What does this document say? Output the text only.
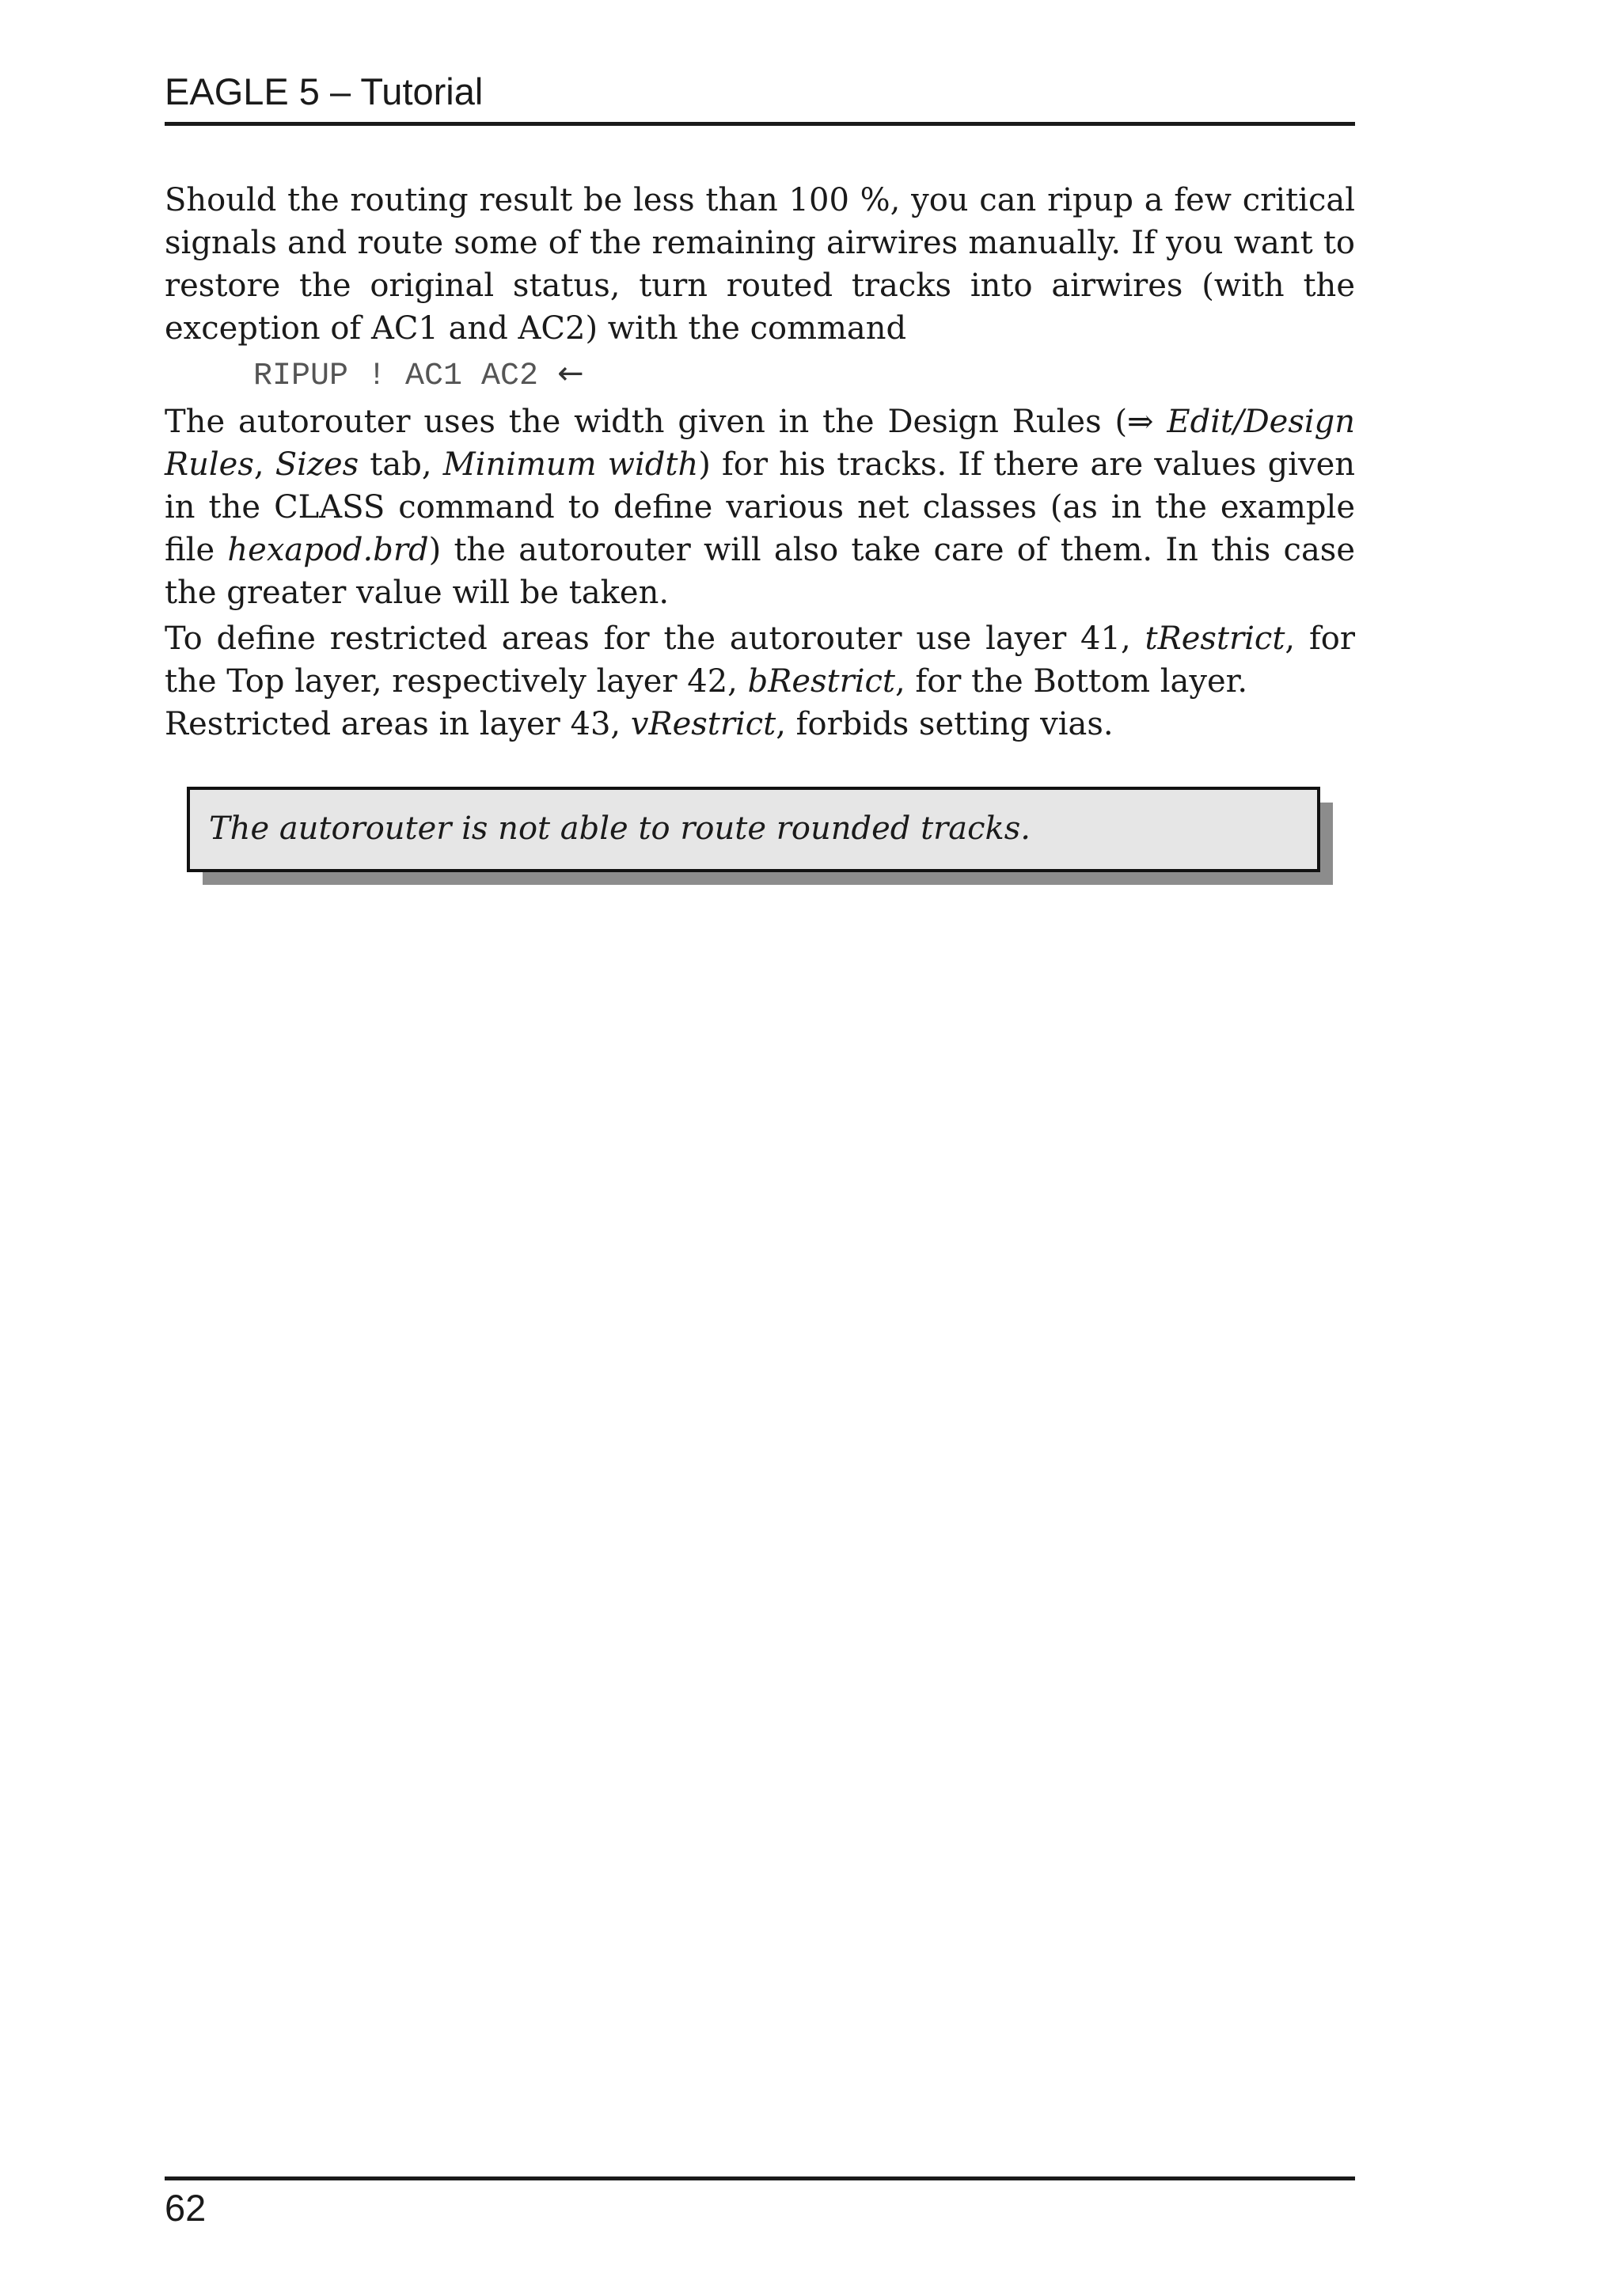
EAGLE 5 – Tutorial

Should the routing result be less than 100 %, you can ripup a few critical signals and route some of the remaining airwires manually. If you want to restore the original status, turn routed tracks into airwires (with the exception of AC1 and AC2) with the command

RIPUP ! AC1 AC2 ←

The autorouter uses the width given in the Design Rules (⇒ Edit/Design Rules, Sizes tab, Minimum width) for his tracks. If there are values given in the CLASS command to define various net classes (as in the example file hexapod.brd) the autorouter will also take care of them. In this case the greater value will be taken.

To define restricted areas for the autorouter use layer 41, tRestrict, for the Top layer, respectively layer 42, bRestrict, for the Bottom layer.

Restricted areas in layer 43, vRestrict, forbids setting vias.

The autorouter is not able to route rounded tracks.
62
